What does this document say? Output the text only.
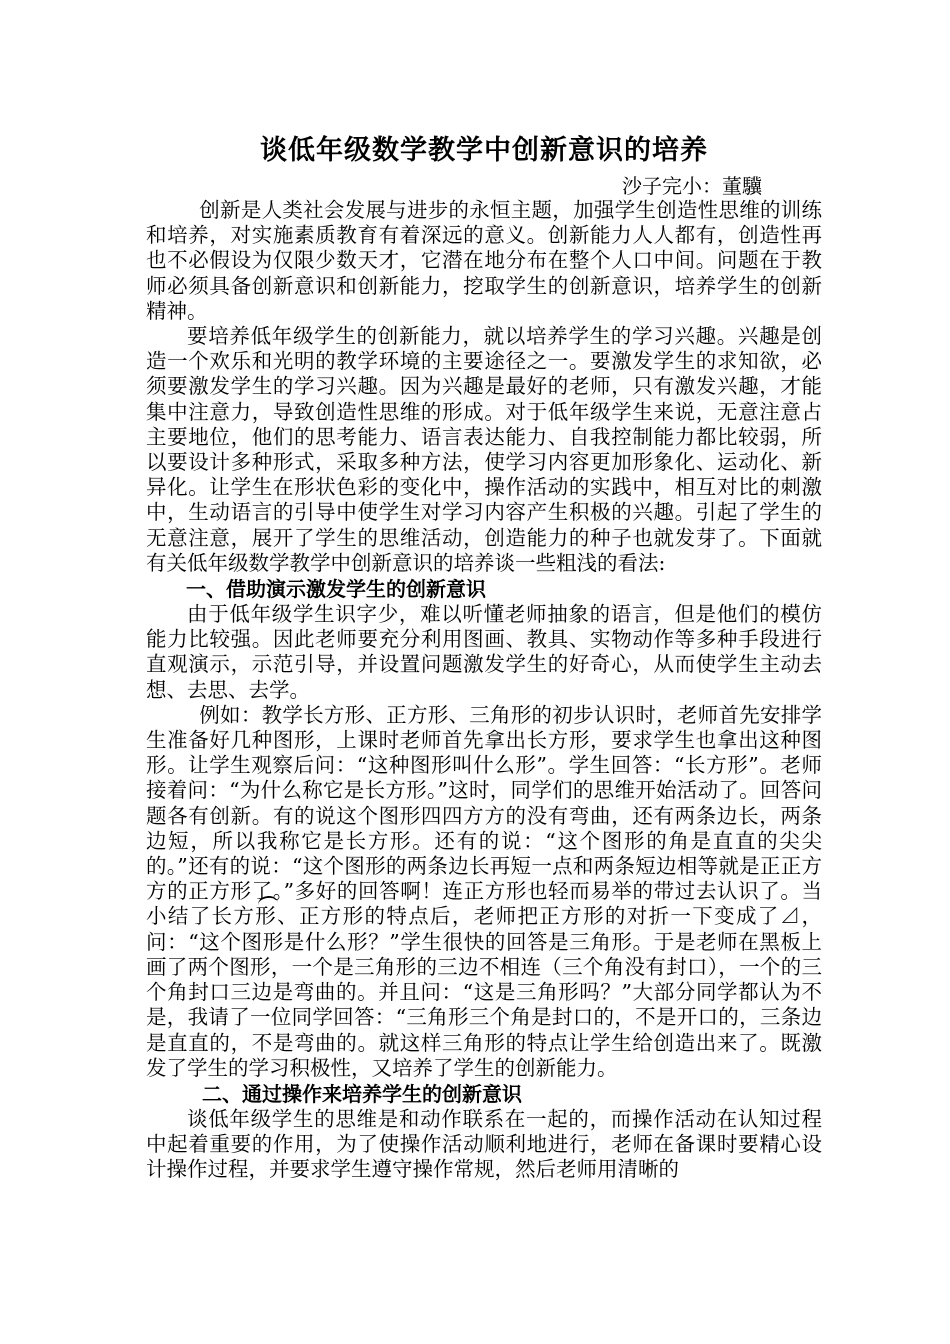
谈低年级数学教学中创新意识的培养
沙子完小：董驥

创新是人类社会发展与进步的永恒主题，加强学生创造性思维的训练和培养，对实施素质教育有着深远的意义。创新能力人人都有，创造性再也不必假设为仅限少数天才，它潜在地分布在整个人口中间。问题在于教师必须具备创新意识和创新能力，挖取学生的创新意识，培养学生的创新精神。

要培养低年级学生的创新能力，就以培养学生的学习兴趣。兴趣是创造一个欢乐和光明的教学环境的主要途径之一。要激发学生的求知欲，必须要激发学生的学习兴趣。因为兴趣是最好的老师，只有激发兴趣，才能集中注意力，导致创造性思维的形成。对于低年级学生来说，无意注意占主要地位，他们的思考能力、语言表达能力、自我控制能力都比较弱，所以要设计多种形式，采取多种方法，使学习内容更加形象化、运动化、新异化。让学生在形状色彩的变化中，操作活动的实践中，相互对比的刺激中，生动语言的引导中使学生对学习内容产生积极的兴趣。引起了学生的无意注意，展开了学生的思维活动，创造能力的种子也就发芽了。下面就有关低年级数学教学中创新意识的培养谈一些粗浅的看法:

一、借助演示激发学生的创新意识

由于低年级学生识字少，难以听懂老师抽象的语言，但是他们的模仿能力比较强。因此老师要充分利用图画、教具、实物动作等多种手段进行直观演示，示范引导，并设置问题激发学生的好奇心，从而使学生主动去想、去思、去学。

例如：教学长方形、正方形、三角形的初步认识时，老师首先安排学生准备好几种图形，上课时老师首先拿出长方形，要求学生也拿出这种图形。让学生观察后问：“这种图形叫什么形”。学生回答：“长方形”。老师接着问：“为什么称它是长方形。”这时，同学们的思维开始活动了。回答问题各有创新。有的说这个图形四四方方的没有弯曲，还有两条边长，两条边短，所以我称它是长方形。还有的说：“这个图形的角是直直的尖尖的。”还有的说：“这个图形的两条边长再短一点和两条短边相等就是正正方方的正方形了。”多好的回答啊！连正方形也轻而易举的带过去认识了。当小结了长方形、正方形的特点后，老师把正方形的对折一下变成了⊿，问：“这个图形是什么形？”学生很快的回答是三角形。于是老师在黑板上画了两个图形，一个是三角形的三边不相连（三个角没有封口），一个的三个角封口三边是弯曲的。并且问：“这是三角形吗？”大部分同学都认为不是，我请了一位同学回答：“三角形三个角是封口的，不是开口的，三条边是直直的，不是弯曲的。就这样三角形的特点让学生给创造出来了。既激发了学生的学习积极性，又培养了学生的创新能力。

二、通过操作来培养学生的创新意识

谈低年级学生的思维是和动作联系在一起的，而操作活动在认知过程中起着重要的作用，为了使操作活动顺利地进行，老师在备课时要精心设计操作过程，并要求学生遵守操作常规，然后老师用清晰的
